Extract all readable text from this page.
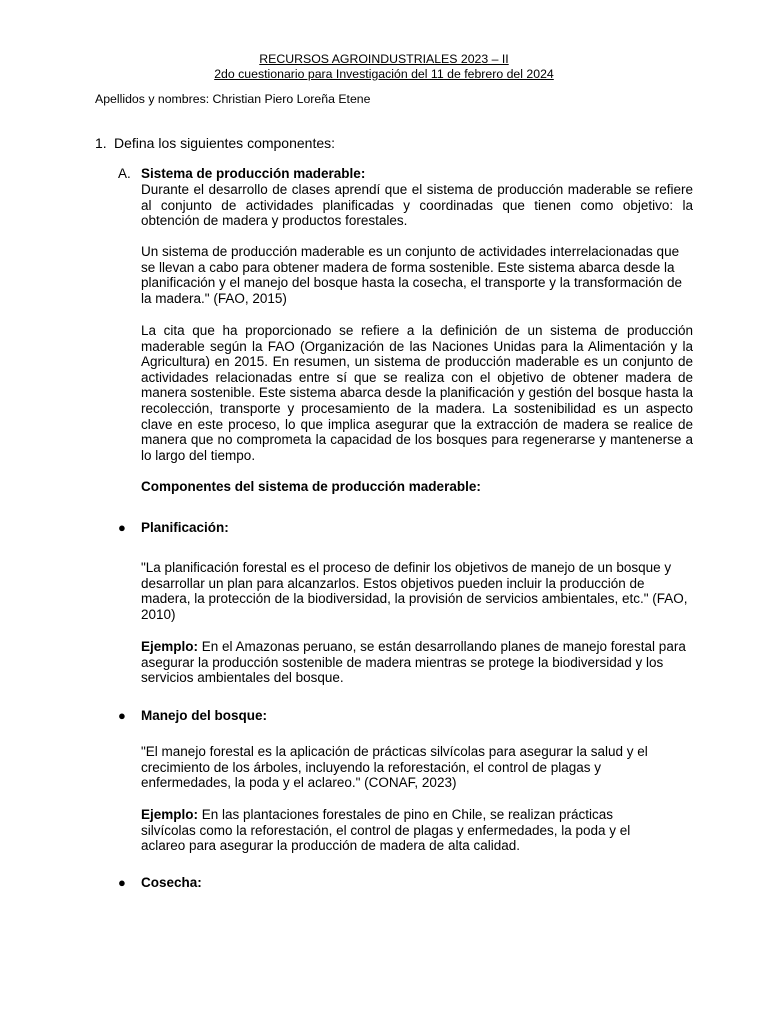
RECURSOS AGROINDUSTRIALES 2023 – II
2do cuestionario para Investigación del 11 de febrero del 2024
Apellidos y nombres: Christian Piero Loreña Etene
1. Defina los siguientes componentes:
A. Sistema de producción maderable:

Durante el desarrollo de clases aprendí que el sistema de producción maderable se refiere al conjunto de actividades planificadas y coordinadas que tienen como objetivo: la obtención de madera y productos forestales.

Un sistema de producción maderable es un conjunto de actividades interrelacionadas que se llevan a cabo para obtener madera de forma sostenible. Este sistema abarca desde la planificación y el manejo del bosque hasta la cosecha, el transporte y la transformación de la madera." (FAO, 2015)

La cita que ha proporcionado se refiere a la definición de un sistema de producción maderable según la FAO (Organización de las Naciones Unidas para la Alimentación y la Agricultura) en 2015. En resumen, un sistema de producción maderable es un conjunto de actividades relacionadas entre sí que se realiza con el objetivo de obtener madera de manera sostenible. Este sistema abarca desde la planificación y gestión del bosque hasta la recolección, transporte y procesamiento de la madera. La sostenibilidad es un aspecto clave en este proceso, lo que implica asegurar que la extracción de madera se realice de manera que no comprometa la capacidad de los bosques para regenerarse y mantenerse a lo largo del tiempo.

Componentes del sistema de producción maderable:
● Planificación:

"La planificación forestal es el proceso de definir los objetivos de manejo de un bosque y desarrollar un plan para alcanzarlos. Estos objetivos pueden incluir la producción de madera, la protección de la biodiversidad, la provisión de servicios ambientales, etc." (FAO, 2010)

Ejemplo: En el Amazonas peruano, se están desarrollando planes de manejo forestal para asegurar la producción sostenible de madera mientras se protege la biodiversidad y los servicios ambientales del bosque.

● Manejo del bosque:

"El manejo forestal es la aplicación de prácticas silvícolas para asegurar la salud y el crecimiento de los árboles, incluyendo la reforestación, el control de plagas y enfermedades, la poda y el aclareo." (CONAF, 2023)

Ejemplo: En las plantaciones forestales de pino en Chile, se realizan prácticas silvícolas como la reforestación, el control de plagas y enfermedades, la poda y el aclareo para asegurar la producción de madera de alta calidad.

● Cosecha:
